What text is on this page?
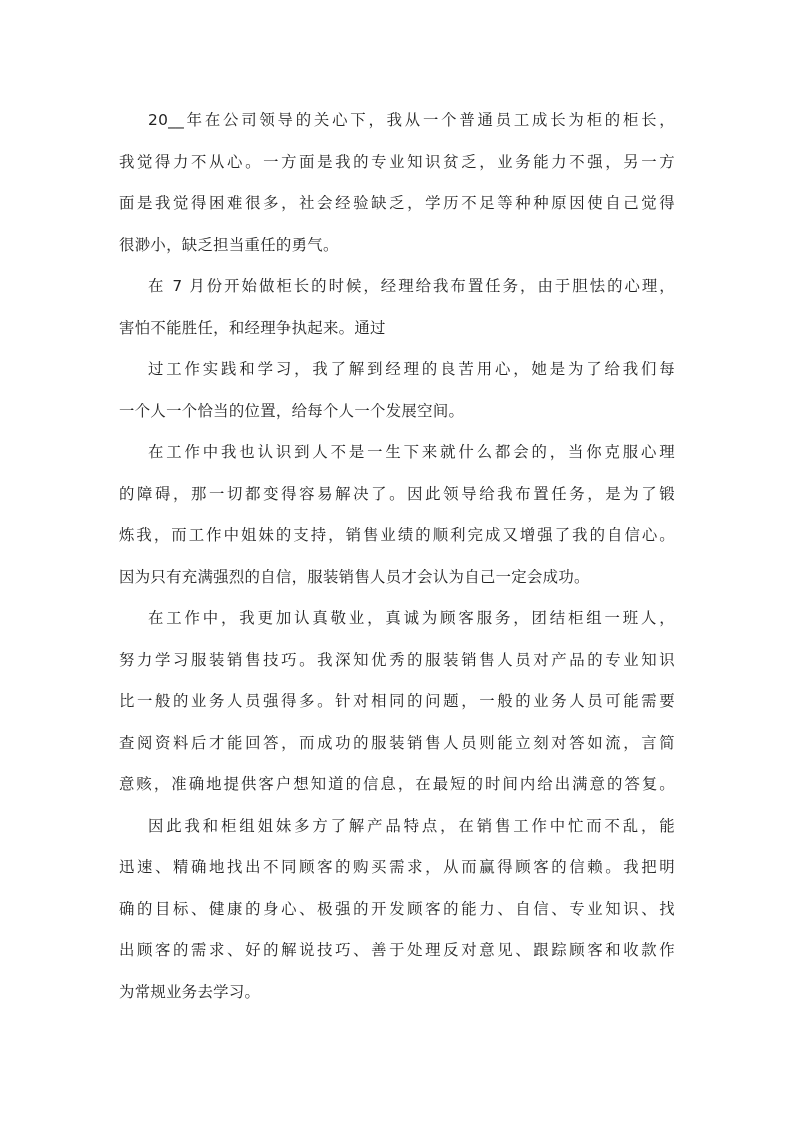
20__年在公司领导的关心下，我从一个普通员工成长为柜的柜长，
我觉得力不从心。一方面是我的专业知识贫乏，业务能力不强，另一方
面是我觉得困难很多，社会经验缺乏，学历不足等种种原因使自己觉得
很渺小，缺乏担当重任的勇气。
在 7 月份开始做柜长的时候，经理给我布置任务，由于胆怯的心理，
害怕不能胜任，和经理争执起来。通过
过工作实践和学习，我了解到经理的良苦用心，她是为了给我们每
一个人一个恰当的位置，给每个人一个发展空间。
在工作中我也认识到人不是一生下来就什么都会的，当你克服心理
的障碍，那一切都变得容易解决了。因此领导给我布置任务，是为了锻
炼我，而工作中姐妹的支持，销售业绩的顺利完成又增强了我的自信心。
因为只有充满强烈的自信，服装销售人员才会认为自己一定会成功。
在工作中，我更加认真敬业，真诚为顾客服务，团结柜组一班人，
努力学习服装销售技巧。我深知优秀的服装销售人员对产品的专业知识
比一般的业务人员强得多。针对相同的问题，一般的业务人员可能需要
查阅资料后才能回答，而成功的服装销售人员则能立刻对答如流，言简
意赅，准确地提供客户想知道的信息，在最短的时间内给出满意的答复。
因此我和柜组姐妹多方了解产品特点，在销售工作中忙而不乱，能
迅速、精确地找出不同顾客的购买需求，从而赢得顾客的信赖。我把明
确的目标、健康的身心、极强的开发顾客的能力、自信、专业知识、找
出顾客的需求、好的解说技巧、善于处理反对意见、跟踪顾客和收款作
为常规业务去学习。
